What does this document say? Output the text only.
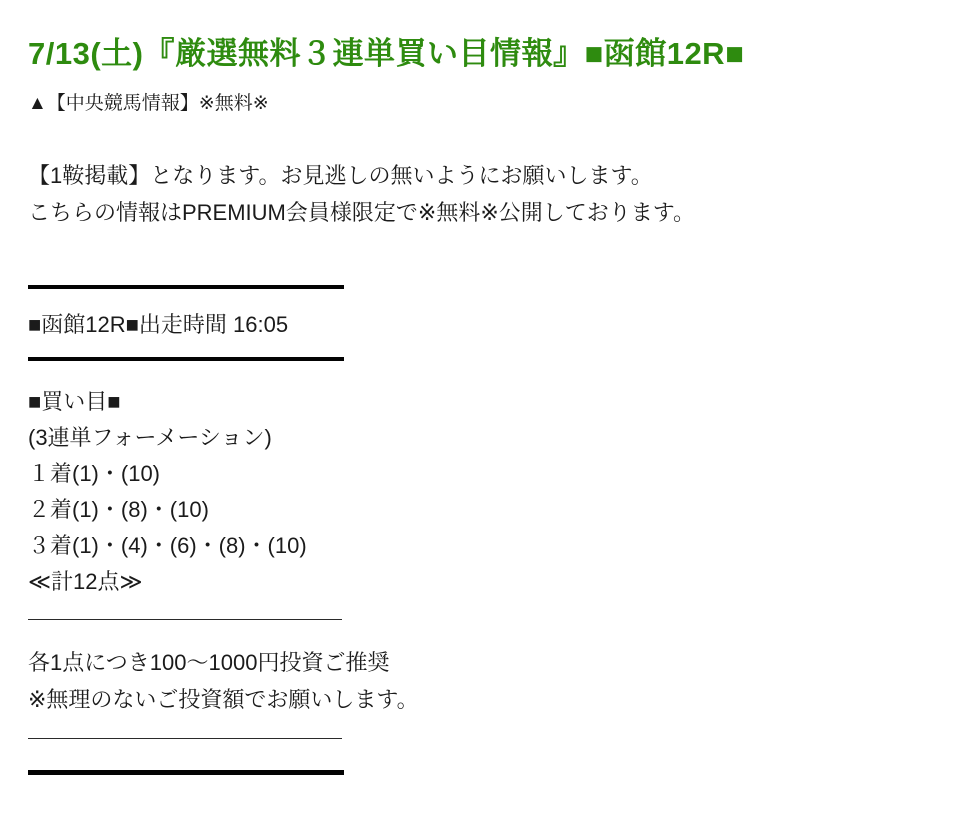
7/13(土)『厳選無料３連単買い目情報』■函館12R■
▲【中央競馬情報】※無料※
【1鞍掲載】となります。お見逃しの無いようにお願いします。
こちらの情報はPREMIUM会員様限定で※無料※公開しております。
■函館12R■出走時間 16:05
■買い目■
(3連単フォーメーション)
１着(1)・(10)
２着(1)・(8)・(10)
３着(1)・(4)・(6)・(8)・(10)
≪計12点≫
各1点につき100～1000円投資ご推奨
※無理のないご投資額でお願いします。
